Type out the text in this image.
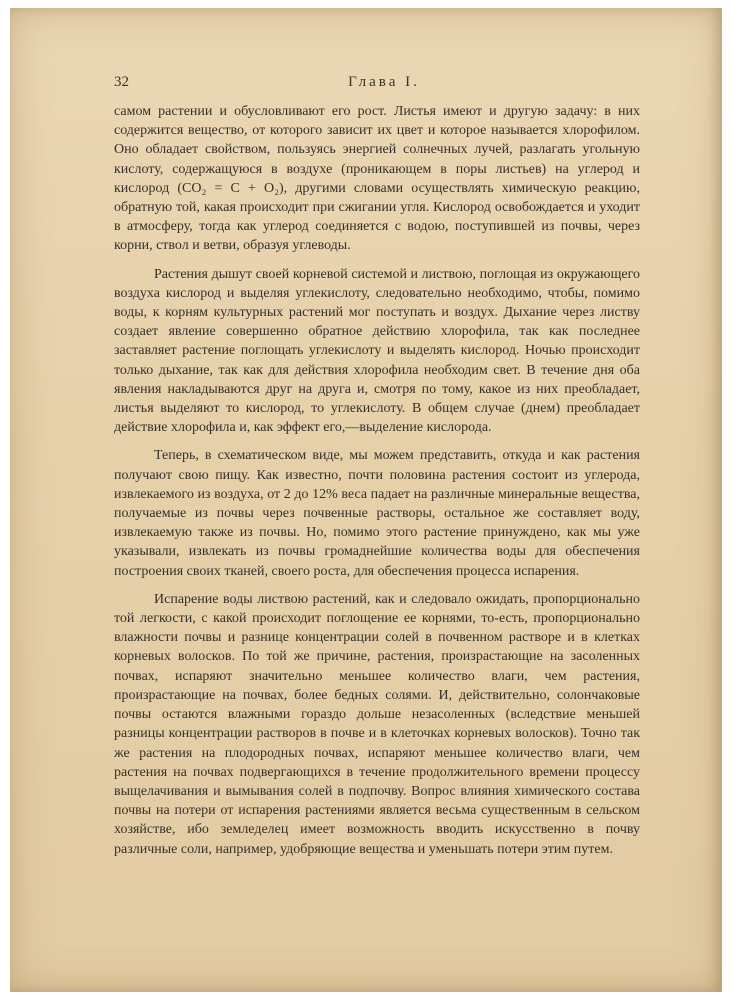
32	Глава I.

самом растении и обусловливают его рост. Листья имеют и другую задачу: в них содержится вещество, от которого зависит их цвет и которое называется хлорофилом. Оно обладает свойством, пользуясь энергией солнечных лучей, разлагать угольную кислоту, содержащуюся в воздухе (проникающем в поры листьев) на углерод и кислород (CO₂ = C + O₂), другими словами осуществлять химическую реакцию, обратную той, какая происходит при сжигании угля. Кислород освобождается и уходит в атмосферу, тогда как углерод соединяется с водою, поступившей из почвы, через корни, ствол и ветви, образуя углеводы.

Растения дышут своей корневой системой и листвою, поглощая из окружающего воздуха кислород и выделяя углекислоту, следовательно необходимо, чтобы, помимо воды, к корням культурных растений мог поступать и воздух. Дыхание через листву создает явление совершенно обратное действию хлорофила, так как последнее заставляет растение поглощать углекислоту и выделять кислород. Ночью происходит только дыхание, так как для действия хлорофила необходим свет. В течение дня оба явления накладываются друг на друга и, смотря по тому, какое из них преобладает, листья выделяют то кислород, то углекислоту. В общем случае (днем) преобладает действие хлорофила и, как эффект его,—выделение кислорода.

Теперь, в схематическом виде, мы можем представить, откуда и как растения получают свою пищу. Как известно, почти половина растения состоит из углерода, извлекаемого из воздуха, от 2 до 12% веса падает на различные минеральные вещества, получаемые из почвы через почвенные растворы, остальное же составляет воду, извлекаемую также из почвы. Но, помимо этого растение принуждено, как мы уже указывали, извлекать из почвы громаднейшие количества воды для обеспечения построения своих тканей, своего роста, для обеспечения процесса испарения.

Испарение воды листвою растений, как и следовало ожидать, пропорционально той легкости, с какой происходит поглощение ее корнями, то-есть, пропорционально влажности почвы и разнице концентрации солей в почвенном растворе и в клетках корневых волосков. По той же причине, растения, произрастающие на засоленных почвах, испаряют значительно меньшее количество влаги, чем растения, произрастающие на почвах, более бедных солями. И, действительно, солончаковые почвы остаются влажными гораздо дольше незасоленных (вследствие меньшей разницы концентрации растворов в почве и в клеточках корневых волосков). Точно так же растения на плодородных почвах, испаряют меньшее количество влаги, чем растения на почвах подвергающихся в течение продолжительного времени процессу выщелачивания и вымывания солей в подпочву. Вопрос влияния химического состава почвы на потери от испарения растениями является весьма существенным в сельском хозяйстве, ибо земледелец имеет возможность вводить искусственно в почву различные соли, например, удобряющие вещества и уменьшать потери этим путем.
